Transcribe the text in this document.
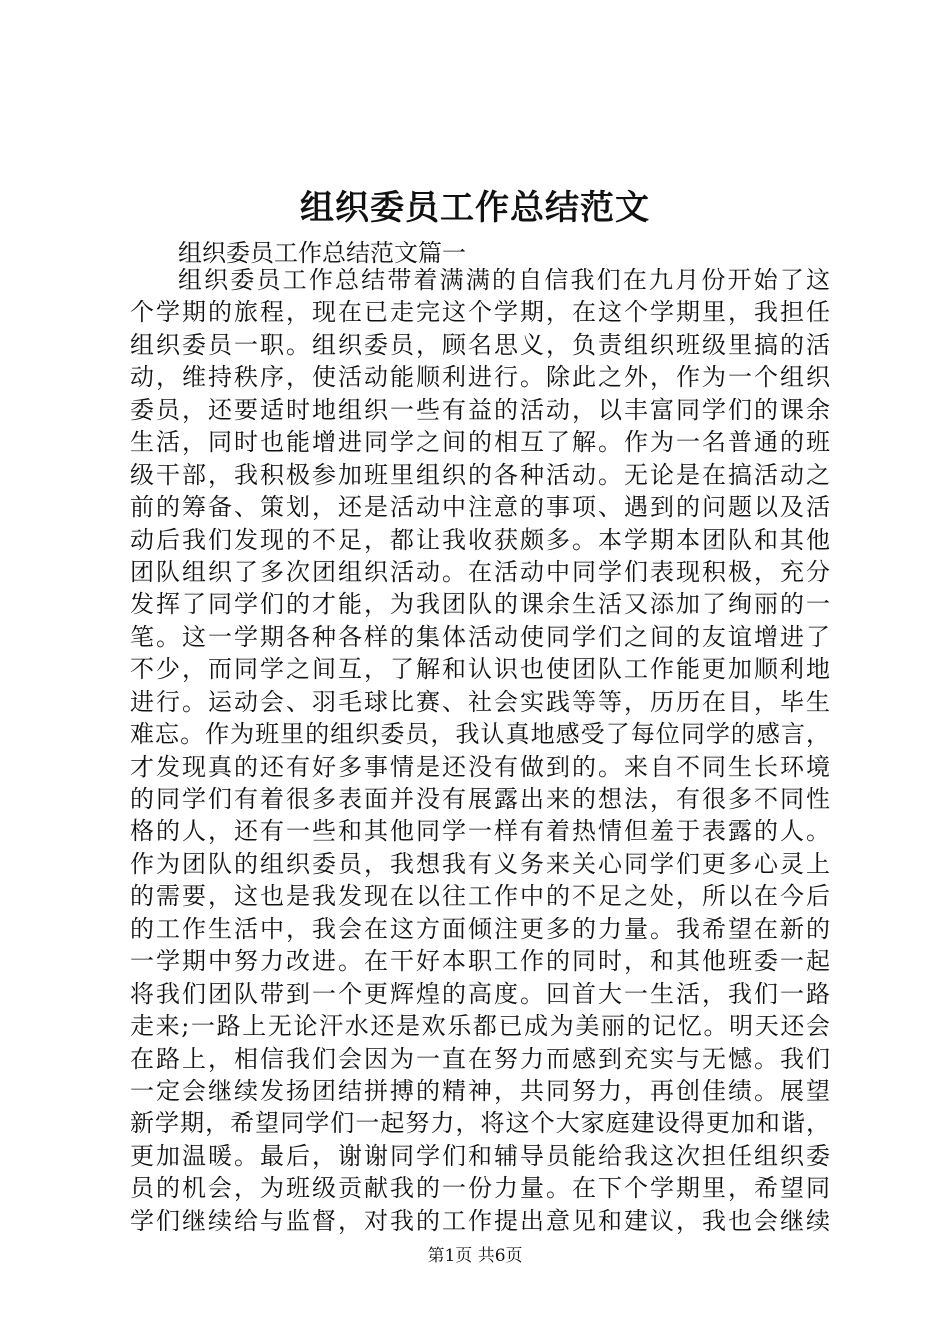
组织委员工作总结范文

组织委员工作总结范文篇一

组织委员工作总结带着满满的自信我们在九月份开始了这
个学期的旅程，现在已走完这个学期，在这个学期里，我担任
组织委员一职。组织委员，顾名思义，负责组织班级里搞的活
动，维持秩序，使活动能顺利进行。除此之外，作为一个组织
委员，还要适时地组织一些有益的活动，以丰富同学们的课余
生活，同时也能增进同学之间的相互了解。作为一名普通的班
级干部，我积极参加班里组织的各种活动。无论是在搞活动之
前的筹备、策划，还是活动中注意的事项、遇到的问题以及活
动后我们发现的不足，都让我收获颇多。本学期本团队和其他
团队组织了多次团组织活动。在活动中同学们表现积极，充分
发挥了同学们的才能，为我团队的课余生活又添加了绚丽的一
笔。这一学期各种各样的集体活动使同学们之间的友谊增进了
不少，而同学之间互，了解和认识也使团队工作能更加顺利地
进行。运动会、羽毛球比赛、社会实践等等，历历在目，毕生
难忘。作为班里的组织委员，我认真地感受了每位同学的感言，
才发现真的还有好多事情是还没有做到的。来自不同生长环境
的同学们有着很多表面并没有展露出来的想法，有很多不同性
格的人，还有一些和其他同学一样有着热情但羞于表露的人。
作为团队的组织委员，我想我有义务来关心同学们更多心灵上
的需要，这也是我发现在以往工作中的不足之处，所以在今后
的工作生活中，我会在这方面倾注更多的力量。我希望在新的
一学期中努力改进。在干好本职工作的同时，和其他班委一起
将我们团队带到一个更辉煌的高度。回首大一生活，我们一路
走来;一路上无论汗水还是欢乐都已成为美丽的记忆。明天还会
在路上，相信我们会因为一直在努力而感到充实与无憾。我们
一定会继续发扬团结拼搏的精神，共同努力，再创佳绩。展望
新学期，希望同学们一起努力，将这个大家庭建设得更加和谐，
更加温暖。最后，谢谢同学们和辅导员能给我这次担任组织委
员的机会，为班级贡献我的一份力量。在下个学期里，希望同
学们继续给与监督，对我的工作提出意见和建议，我也会继续

第1页 共6页
